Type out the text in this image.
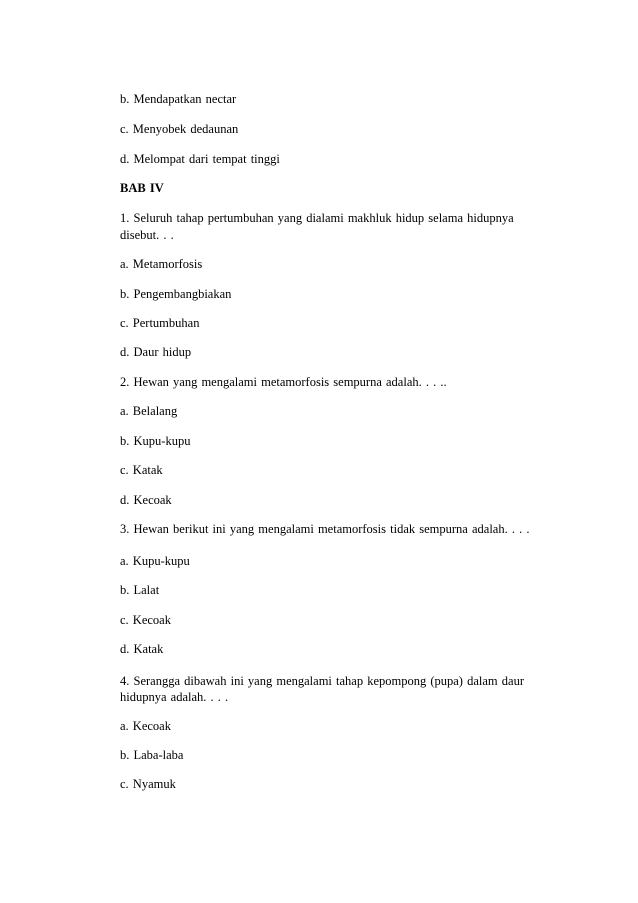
b. Mendapatkan nectar
c. Menyobek dedaunan
d. Melompat dari tempat tinggi
BAB IV
1. Seluruh tahap pertumbuhan yang dialami makhluk hidup selama hidupnya
disebut. . .
a. Metamorfosis
b. Pengembangbiakan
c. Pertumbuhan
d. Daur hidup
2. Hewan yang mengalami metamorfosis sempurna adalah. . . ..
a. Belalang
b. Kupu-kupu
c. Katak
d. Kecoak
3. Hewan berikut ini yang mengalami metamorfosis tidak sempurna adalah. . . .
a. Kupu-kupu
b. Lalat
c. Kecoak
d. Katak
4. Serangga dibawah ini yang mengalami tahap kepompong (pupa) dalam daur
hidupnya adalah. . . .
a. Kecoak
b. Laba-laba
c. Nyamuk
